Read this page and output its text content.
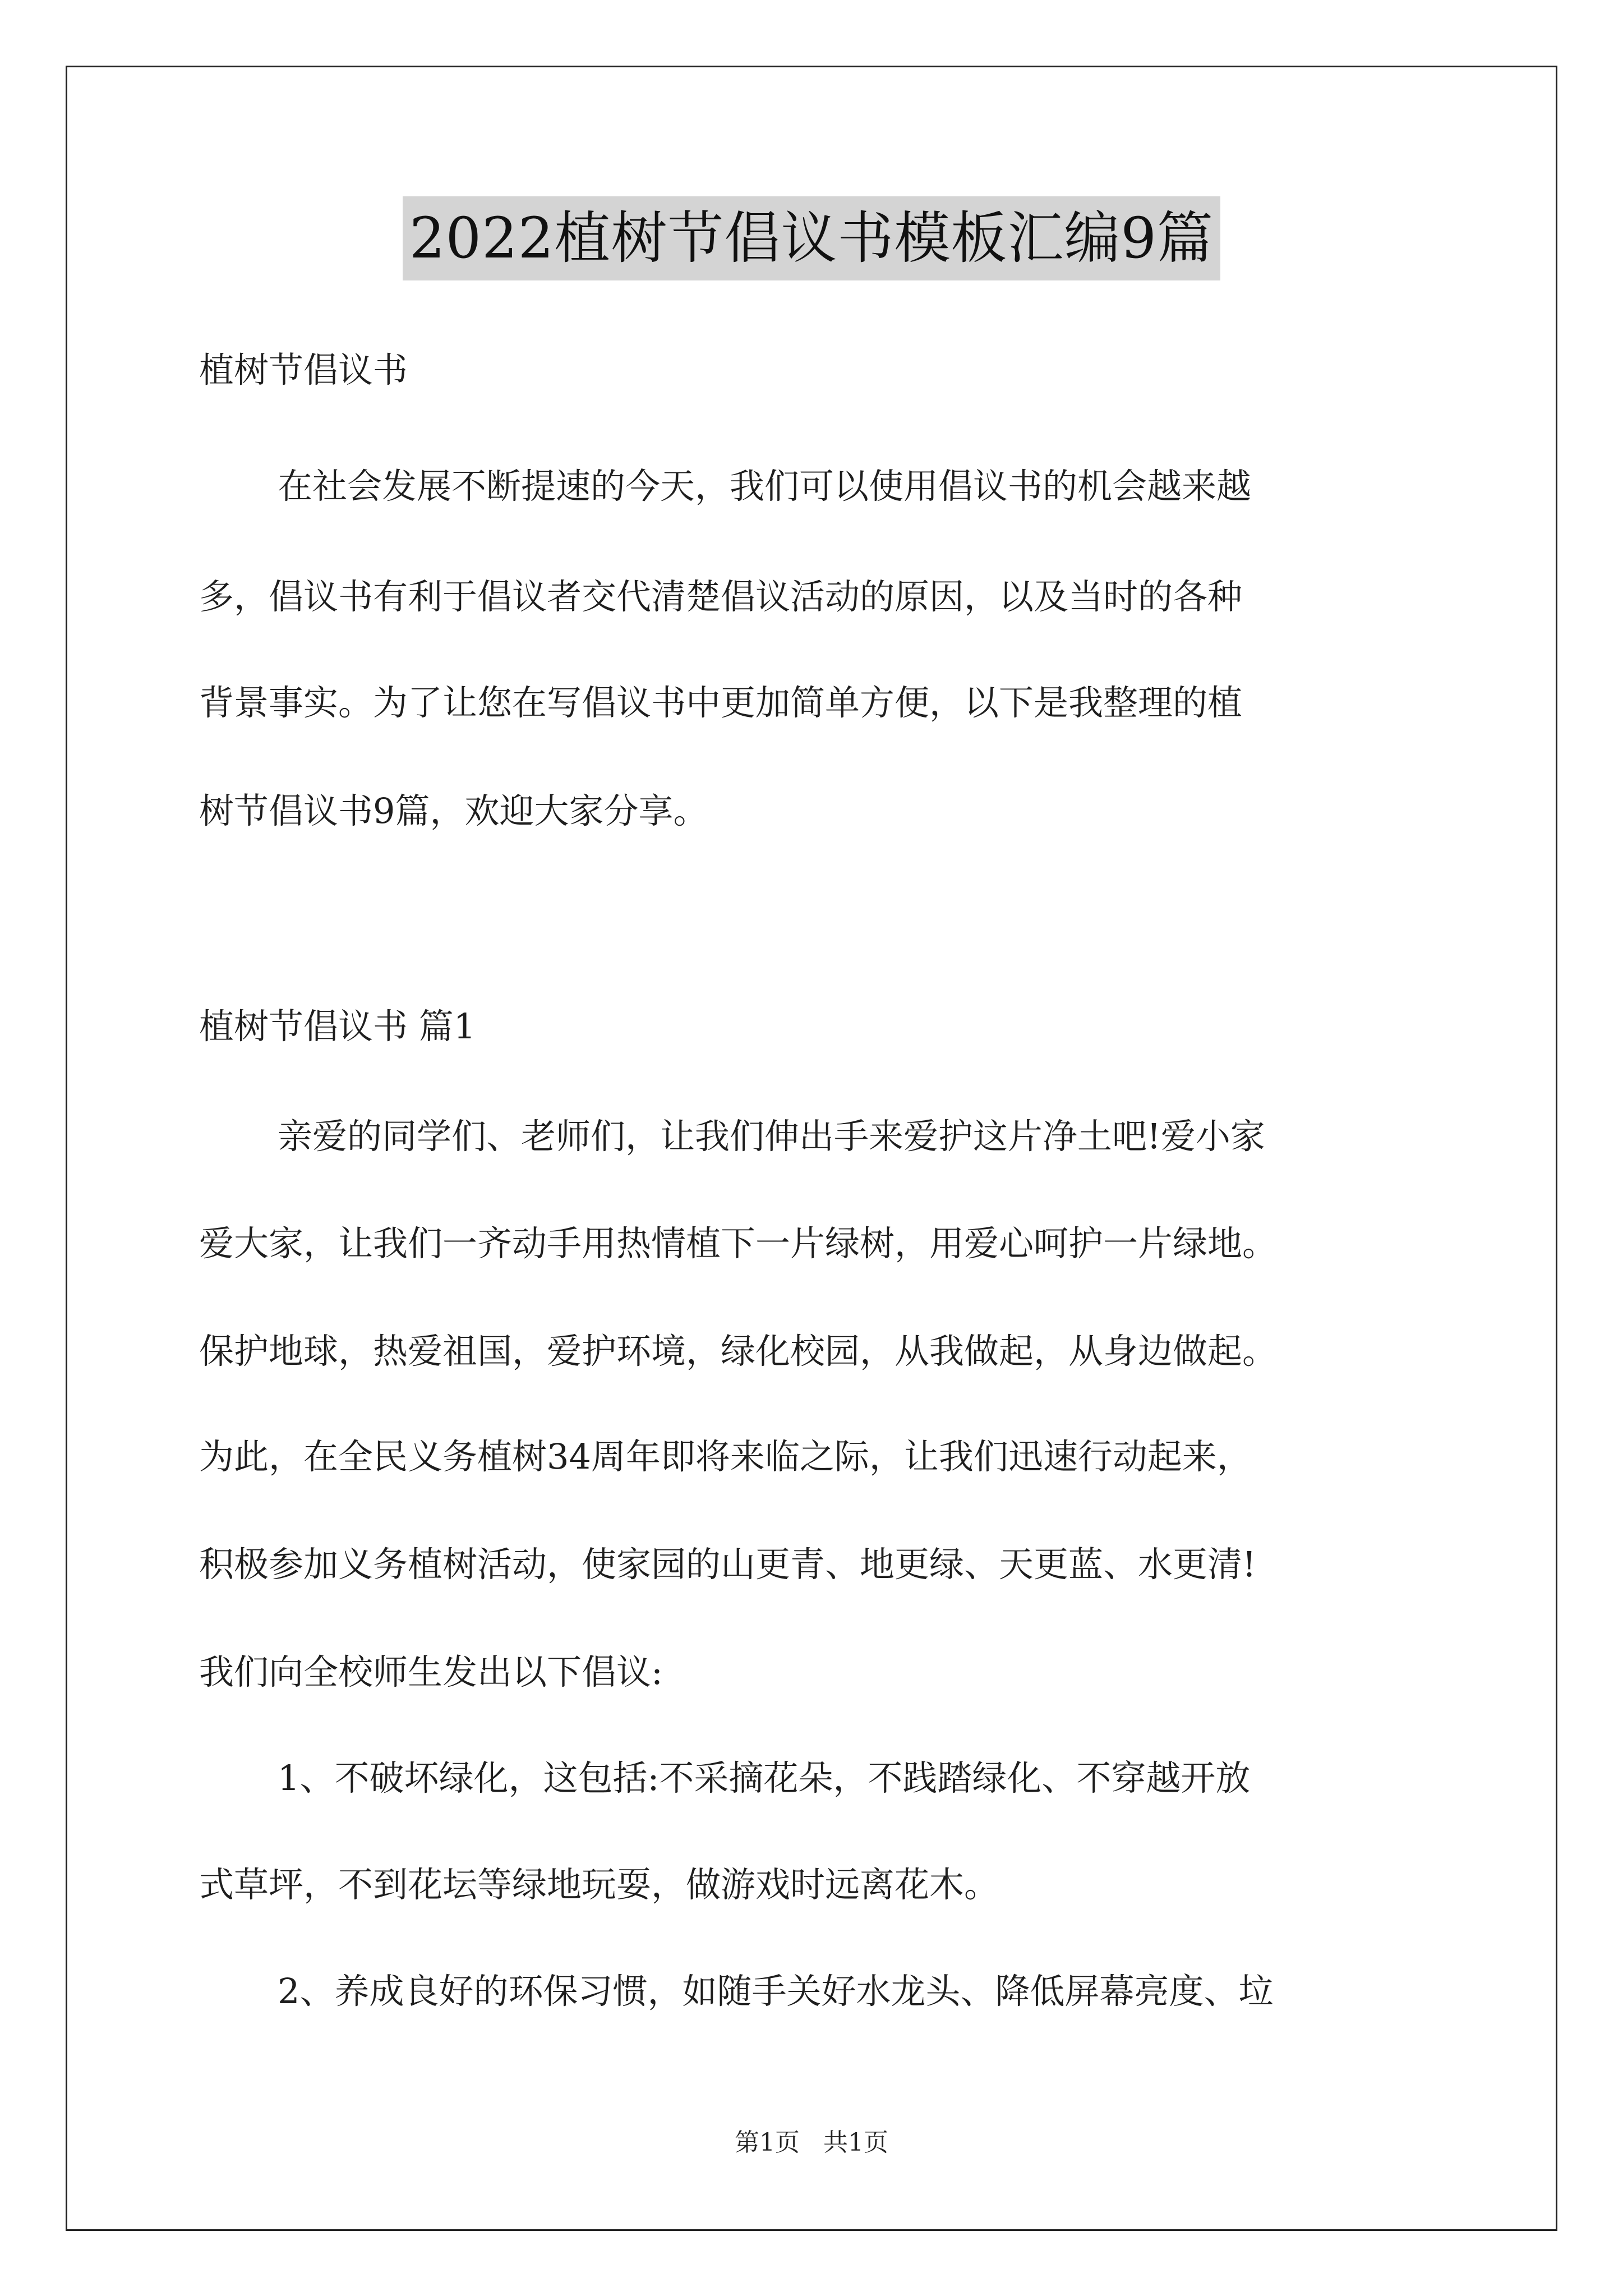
2022植树节倡议书模板汇编9篇
植树节倡议书
在社会发展不断提速的今天，我们可以使用倡议书的机会越来越
多，倡议书有利于倡议者交代清楚倡议活动的原因，以及当时的各种
背景事实。为了让您在写倡议书中更加简单方便，以下是我整理的植
树节倡议书9篇，欢迎大家分享。
植树节倡议书 篇1
亲爱的同学们、老师们，让我们伸出手来爱护这片净土吧!爱小家
爱大家，让我们一齐动手用热情植下一片绿树，用爱心呵护一片绿地。
保护地球，热爱祖国，爱护环境，绿化校园，从我做起，从身边做起。
为此，在全民义务植树34周年即将来临之际，让我们迅速行动起来，
积极参加义务植树活动，使家园的山更青、地更绿、天更蓝、水更清!
我们向全校师生发出以下倡议:
1、不破坏绿化，这包括:不采摘花朵，不践踏绿化、不穿越开放
式草坪，不到花坛等绿地玩耍，做游戏时远离花木。
2、养成良好的环保习惯，如随手关好水龙头、降低屏幕亮度、垃
第1页 共1页
